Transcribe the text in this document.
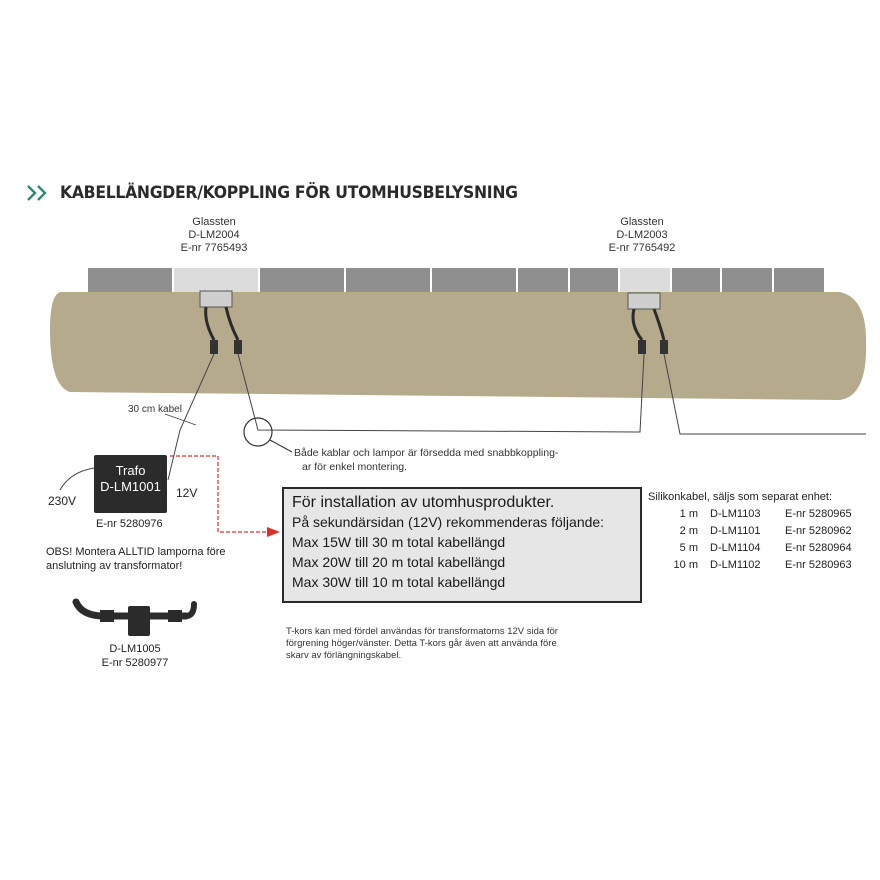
KABELLÄNGDER/KOPPLING FÖR UTOMHUSBELYSNING
Glassten
D-LM2004
E-nr 7765493
Glassten
D-LM2003
E-nr 7765492
30 cm kabel
Både kablar och lampor är försedda med snabbkoppling-
ar för enkel montering.
Trafo
D-LM1001
230V
12V
E-nr 5280976
OBS! Montera ALLTID lamporna före
anslutning av transformator!
D-LM1005
E-nr 5280977
För installation av utomhusprodukter.
På sekundärsidan (12V) rekommenderas följande:
Max 15W till 30 m total kabellängd
Max 20W till 20 m total kabellängd
Max 30W till 10 m total kabellängd
Silikonkabel, säljs som separat enhet:
1 m	D-LM1103	E-nr 5280965
2 m	D-LM1101	E-nr 5280962
5 m	D-LM1104	E-nr 5280964
10 m	D-LM1102	E-nr 5280963
T-kors kan med fördel användas för transformatorns 12V sida för
förgrening höger/vänster. Detta T-kors går även att använda före
skarv av förlängningskabel.
